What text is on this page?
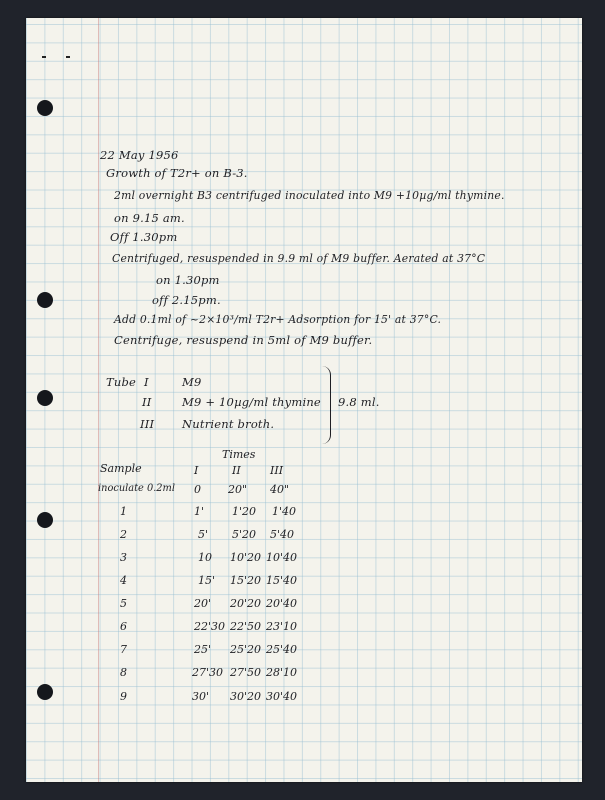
22 May 1956
Growth of T2r+ on B-3.
2ml overnight B3 centrifuged inoculated into M9 +10µg/ml thymine.
on 9.15 am.
Off 1.30pm
Centrifuged, resuspended in 9.9 ml of M9 buffer. Aerated at 37°C
on 1.30pm
off 2.15pm.
Add 0.1ml of ~2×10³/ml T2r+ Adsorption for 15' at 37°C.
Centrifuge, resuspend in 5ml of M9 buffer.
Tube I	M9
II	M9 + 10µg/ml thymine
III Nutrient broth.
9.8 ml.
Times
Sample	I	II	III
inoculate 0.2ml 0 20" 40"
1	1'	1'20 1'40
2	5' 5'20 5'40
3	10 10'20 10'40
4	15' 15'20 15'40
5	20' 20'20 20'40
6	22'30 22'50 23'10
7	25' 25'20 25'40
8	27'30 27'50 28'10
9	30' 30'20 30'40
